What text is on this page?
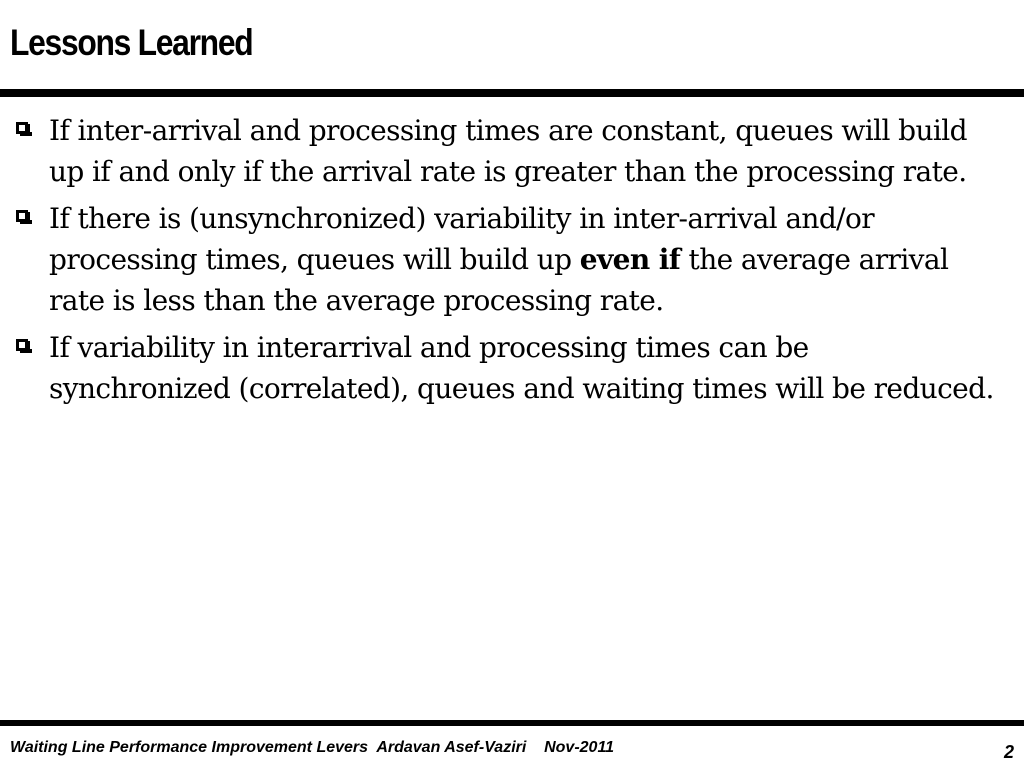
Lessons Learned
If inter-arrival and processing times are constant, queues will build up if and only if the arrival rate is greater than the processing rate.
If there is (unsynchronized) variability in inter-arrival and/or processing times, queues will build up even if the average arrival rate is less than the average processing rate.
If variability in interarrival and processing times can be synchronized (correlated), queues and waiting times will be reduced.
Waiting Line Performance Improvement Levers  Ardavan Asef-Vaziri    Nov-2011	2
